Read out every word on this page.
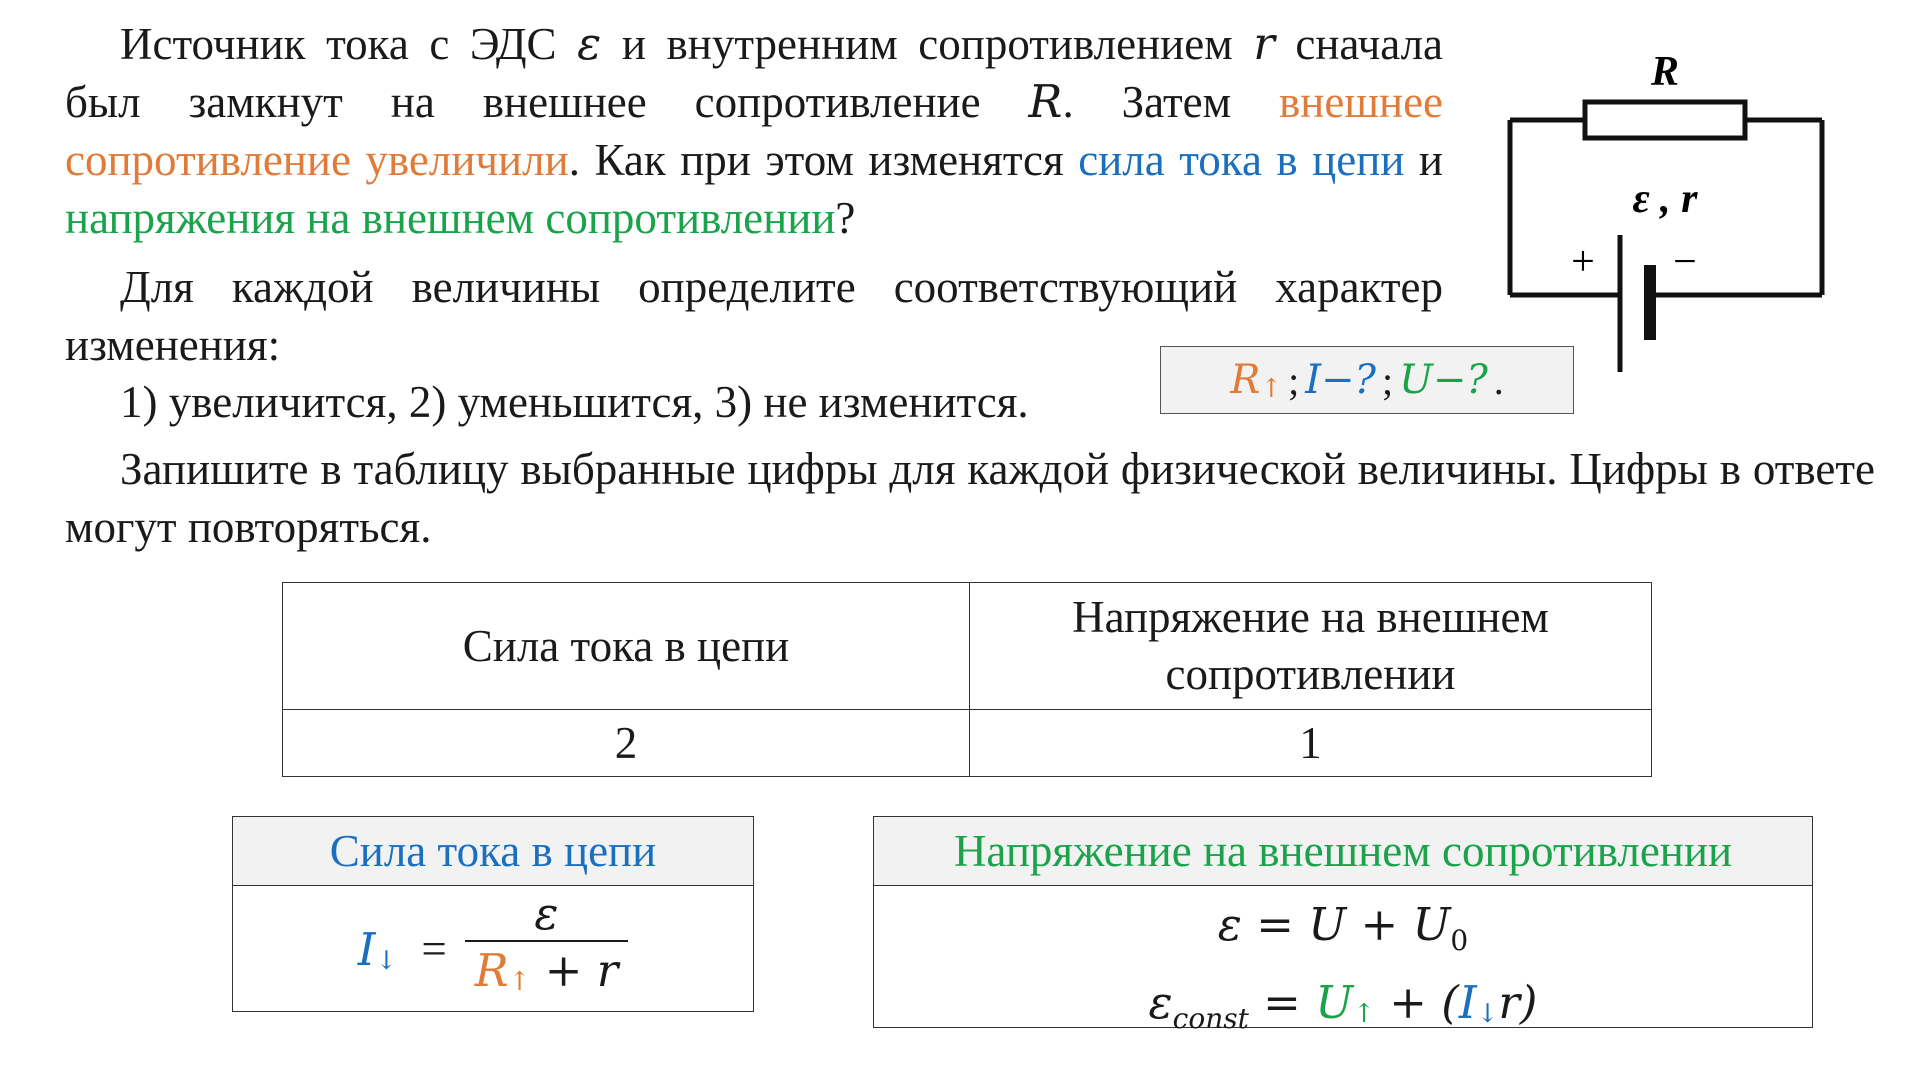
Источник тока с ЭДС ε и внутренним сопротивлением r сначала был замкнут на внешнее сопротивление R. Затем внешнее сопротивление увеличили. Как при этом изменятся сила тока в цепи и напряжения на внешнем сопротивлении?

Для каждой величины определите соответствующий характер изменения:

1) увеличится, 2) уменьшится, 3) не изменится.

Запишите в таблицу выбранные цифры для каждой физической величины. Цифры в ответе могут повторяться.

$R_↑$ ; I−? ; U−? .
R
ε , r
+ −
Сила тока в цепи	Напряжение на внешнем сопротивлении
2	1
Сила тока в цепи
$I_↓ = \frac{\varepsilon}{R_↑ + r}$
Напряжение на внешнем сопротивлении
$\varepsilon = U + U_0$
$\varepsilon_{const} = U_↑ + (I_↓r)$
